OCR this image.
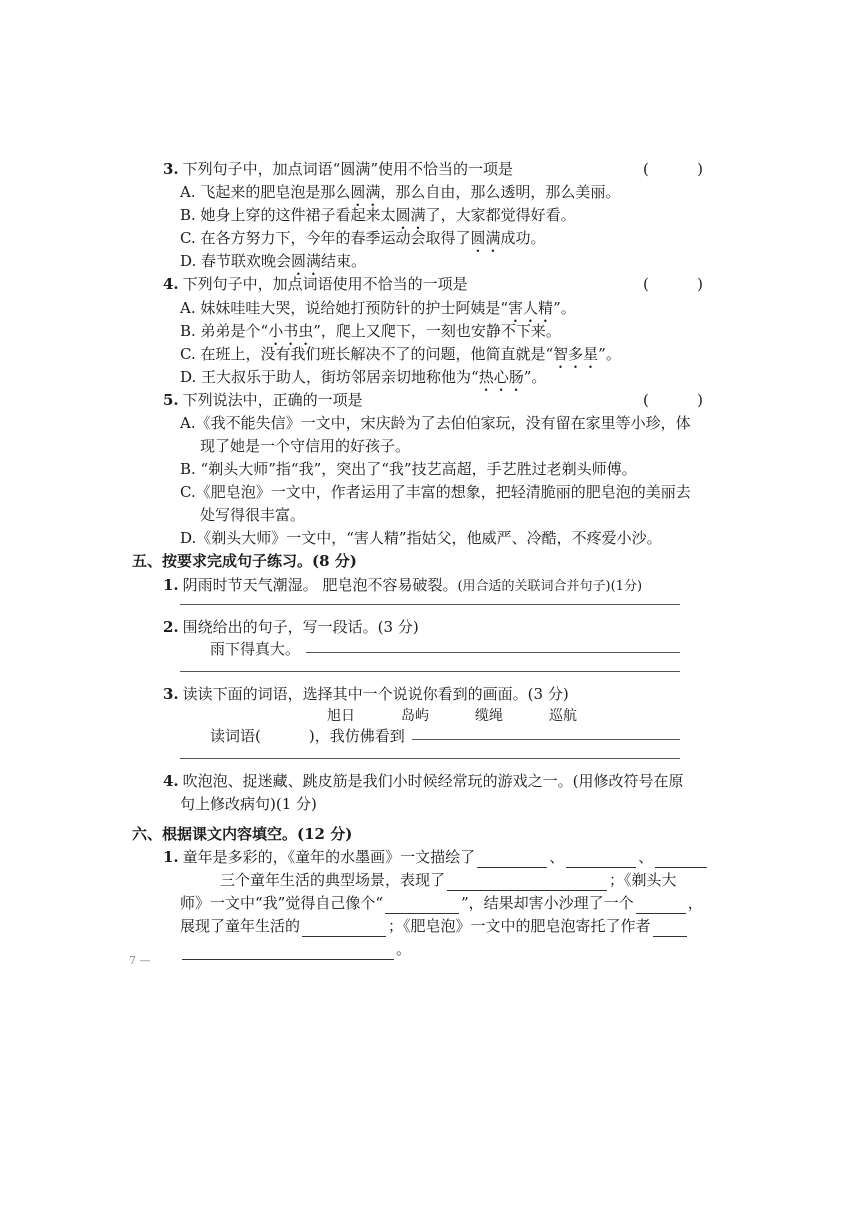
3. 下列句子中，加点词语“圆满”使用不恰当的一项是	(	)
A. 飞起来的肥皂泡是那么圆满，那么自由，那么透明，那么美丽。
B. 她身上穿的这件裙子看起来太圆满了，大家都觉得好看。
C. 在各方努力下，今年的春季运动会取得了圆满成功。
D. 春节联欢晚会圆满结束。
4. 下列句子中，加点词语使用不恰当的一项是	(	)
A. 妹妹哇哇大哭，说给她打预防针的护士阿姨是“害人精”。
B. 弟弟是个“小书虫”，爬上又爬下，一刻也安静不下来。
C. 在班上，没有我们班长解决不了的问题，他简直就是“智多星”。
D. 王大叔乐于助人，街坊邻居亲切地称他为“热心肠”。
5. 下列说法中，正确的一项是	(	)
A.《我不能失信》一文中，宋庆龄为了去伯伯家玩，没有留在家里等小珍，体
现了她是一个守信用的好孩子。
B. “剃头大师”指“我”，突出了“我”技艺高超，手艺胜过老剃头师傅。
C.《肥皂泡》一文中，作者运用了丰富的想象，把轻清脆丽的肥皂泡的美丽去
处写得很丰富。
D.《剃头大师》一文中，“害人精”指姑父，他威严、冷酷，不疼爱小沙。
五、按要求完成句子练习。(8 分)
1. 阴雨时节天气潮湿。 肥皂泡不容易破裂。(用合适的关联词合并句子)(1分)
2. 围绕给出的句子，写一段话。(3 分)
雨下得真大。
3. 读读下面的词语，选择其中一个说说你看到的画面。(3 分)
旭日	岛屿	缆绳	巡航
读词语(	)，我仿佛看到
4. 吹泡泡、捉迷藏、跳皮筋是我们小时候经常玩的游戏之一。(用修改符号在原
句上修改病句)(1 分)
六、根据课文内容填空。(12 分)
1. 童年是多彩的，《童年的水墨画》一文描绘了	、	、
三个童年生活的典型场景，表现了	；《剃头大
师》一文中“我”觉得自己像个“	”，结果却害小沙理了一个	，
展现了童年生活的	；《肥皂泡》一文中的肥皂泡寄托了作者
。
7 —
